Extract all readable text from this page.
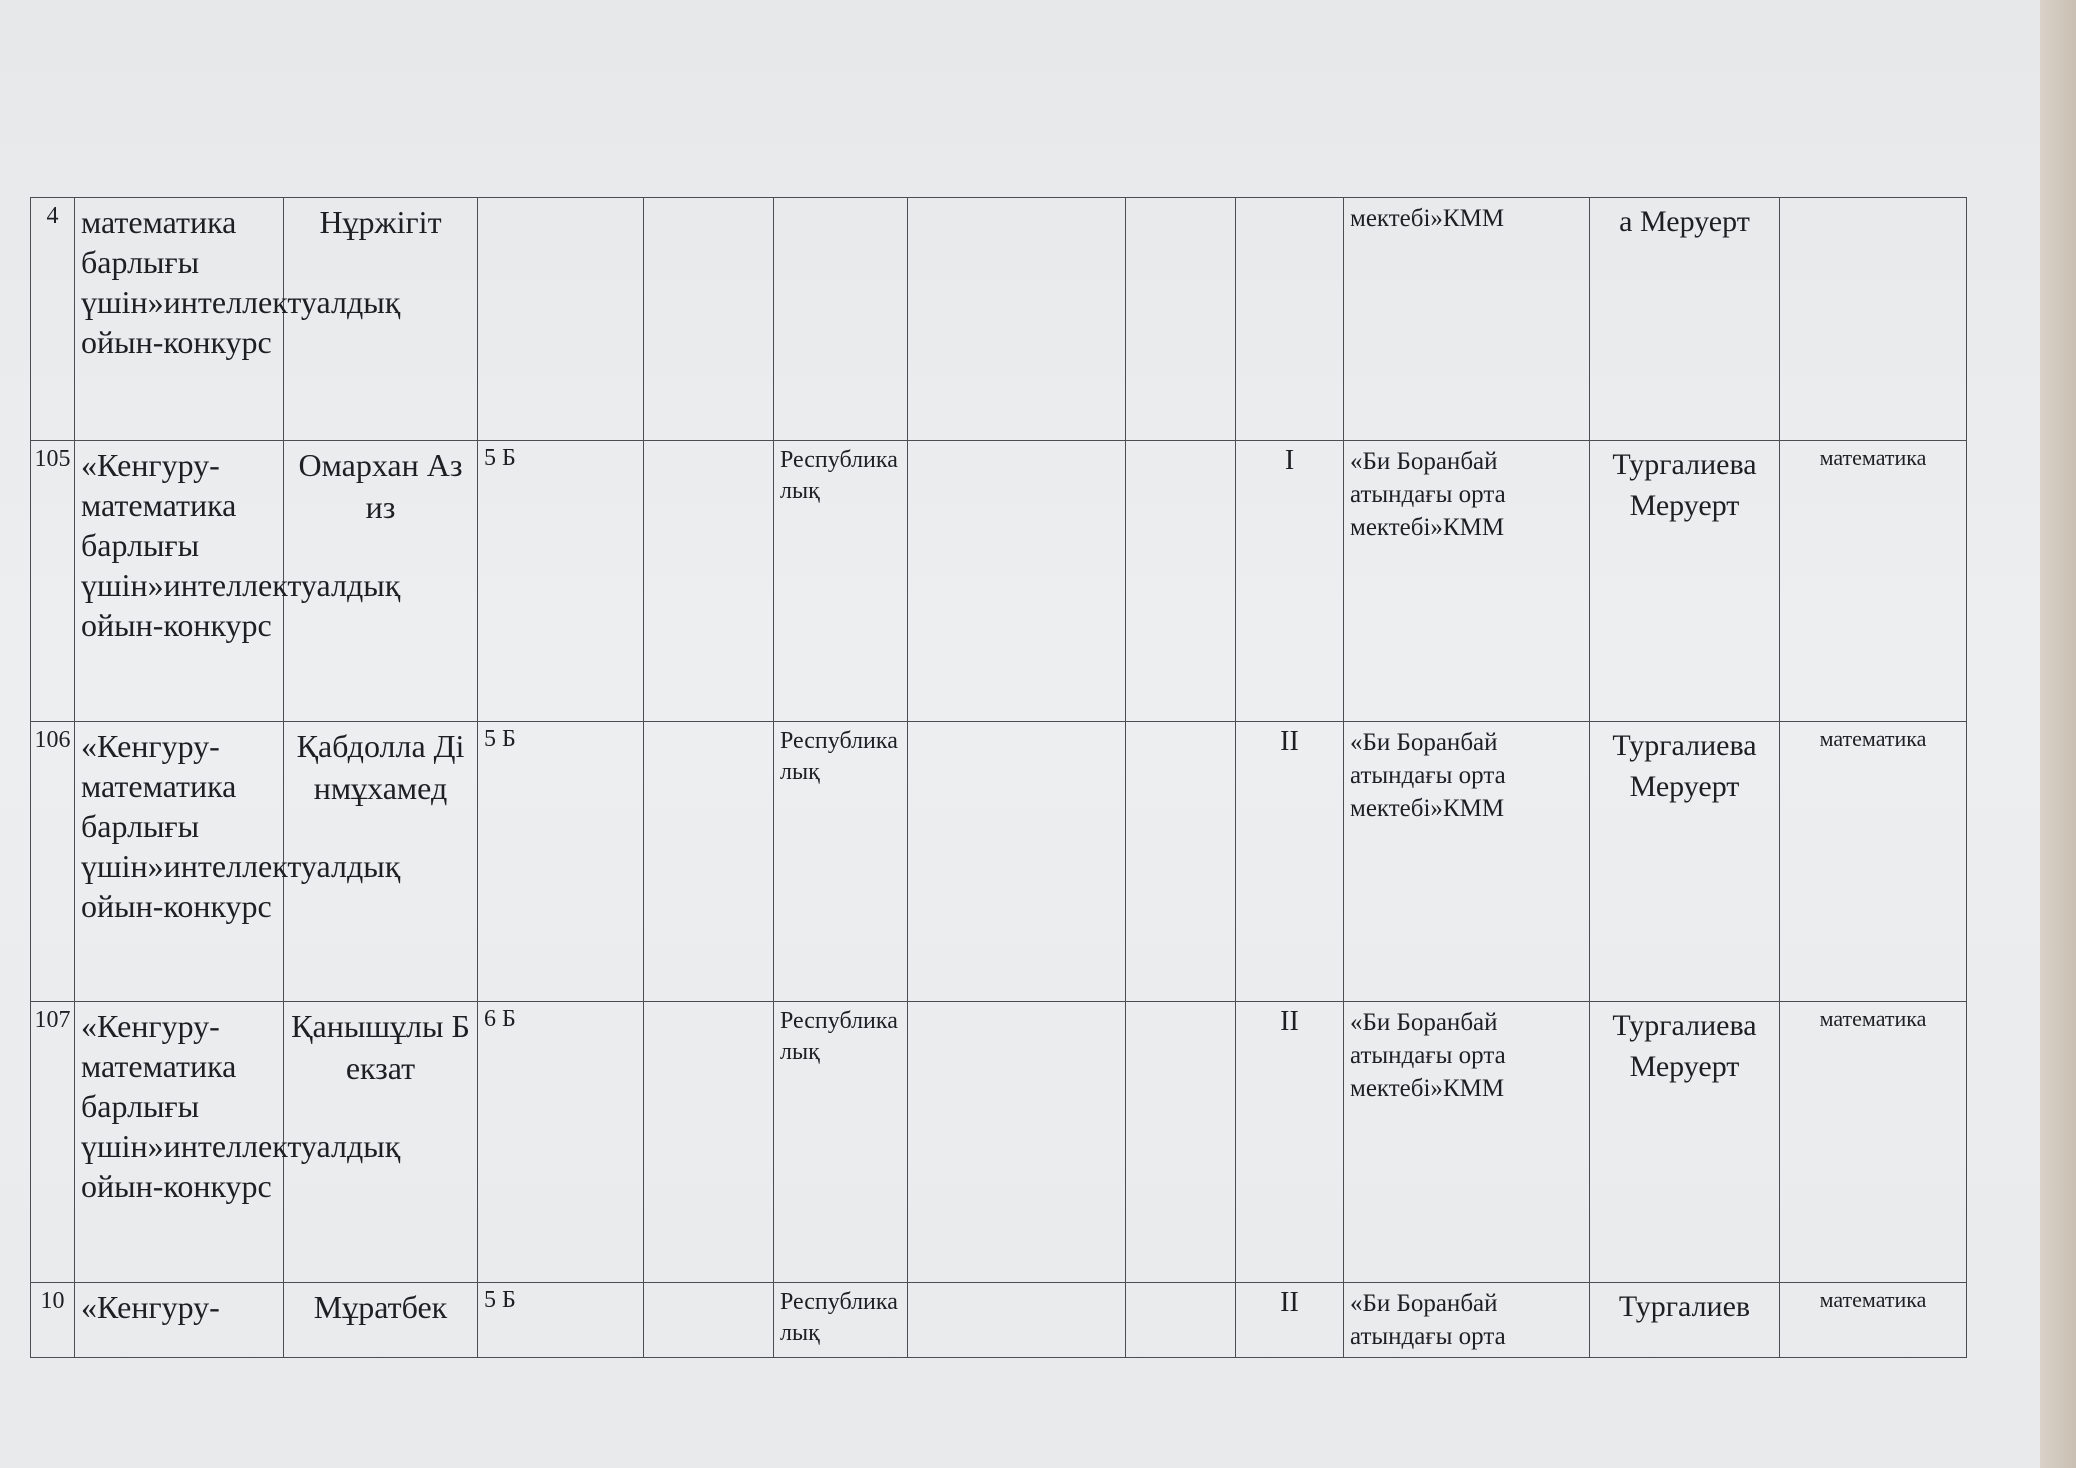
4	математика барлығы үшін»интеллектуалдық ойын-конкурс	Нұржігіт							мектебі»КММ	а Меруерт	
105	«Кенгуру-математика барлығы үшін»интеллектуалдық ойын-конкурс	Омархан Азиз	5 Б		Республикалық			I	«Би Боранбай атындағы орта мектебі»КММ	Тургалиева Меруерт	математика
106	«Кенгуру-математика барлығы үшін»интеллектуалдық ойын-конкурс	Қабдолла Дінмұхамед	5 Б		Республикалық			II	«Би Боранбай атындағы орта мектебі»КММ	Тургалиева Меруерт	математика
107	«Кенгуру-математика барлығы үшін»интеллектуалдық ойын-конкурс	Қанышұлы Бекзат	6 Б		Республикалық			II	«Би Боранбай атындағы орта мектебі»КММ	Тургалиева Меруерт	математика
10	«Кенгуру-	Мұратбек	5 Б		Республикалық			II	«Би Боранбай атындағы орта	Тургалиев	математика
